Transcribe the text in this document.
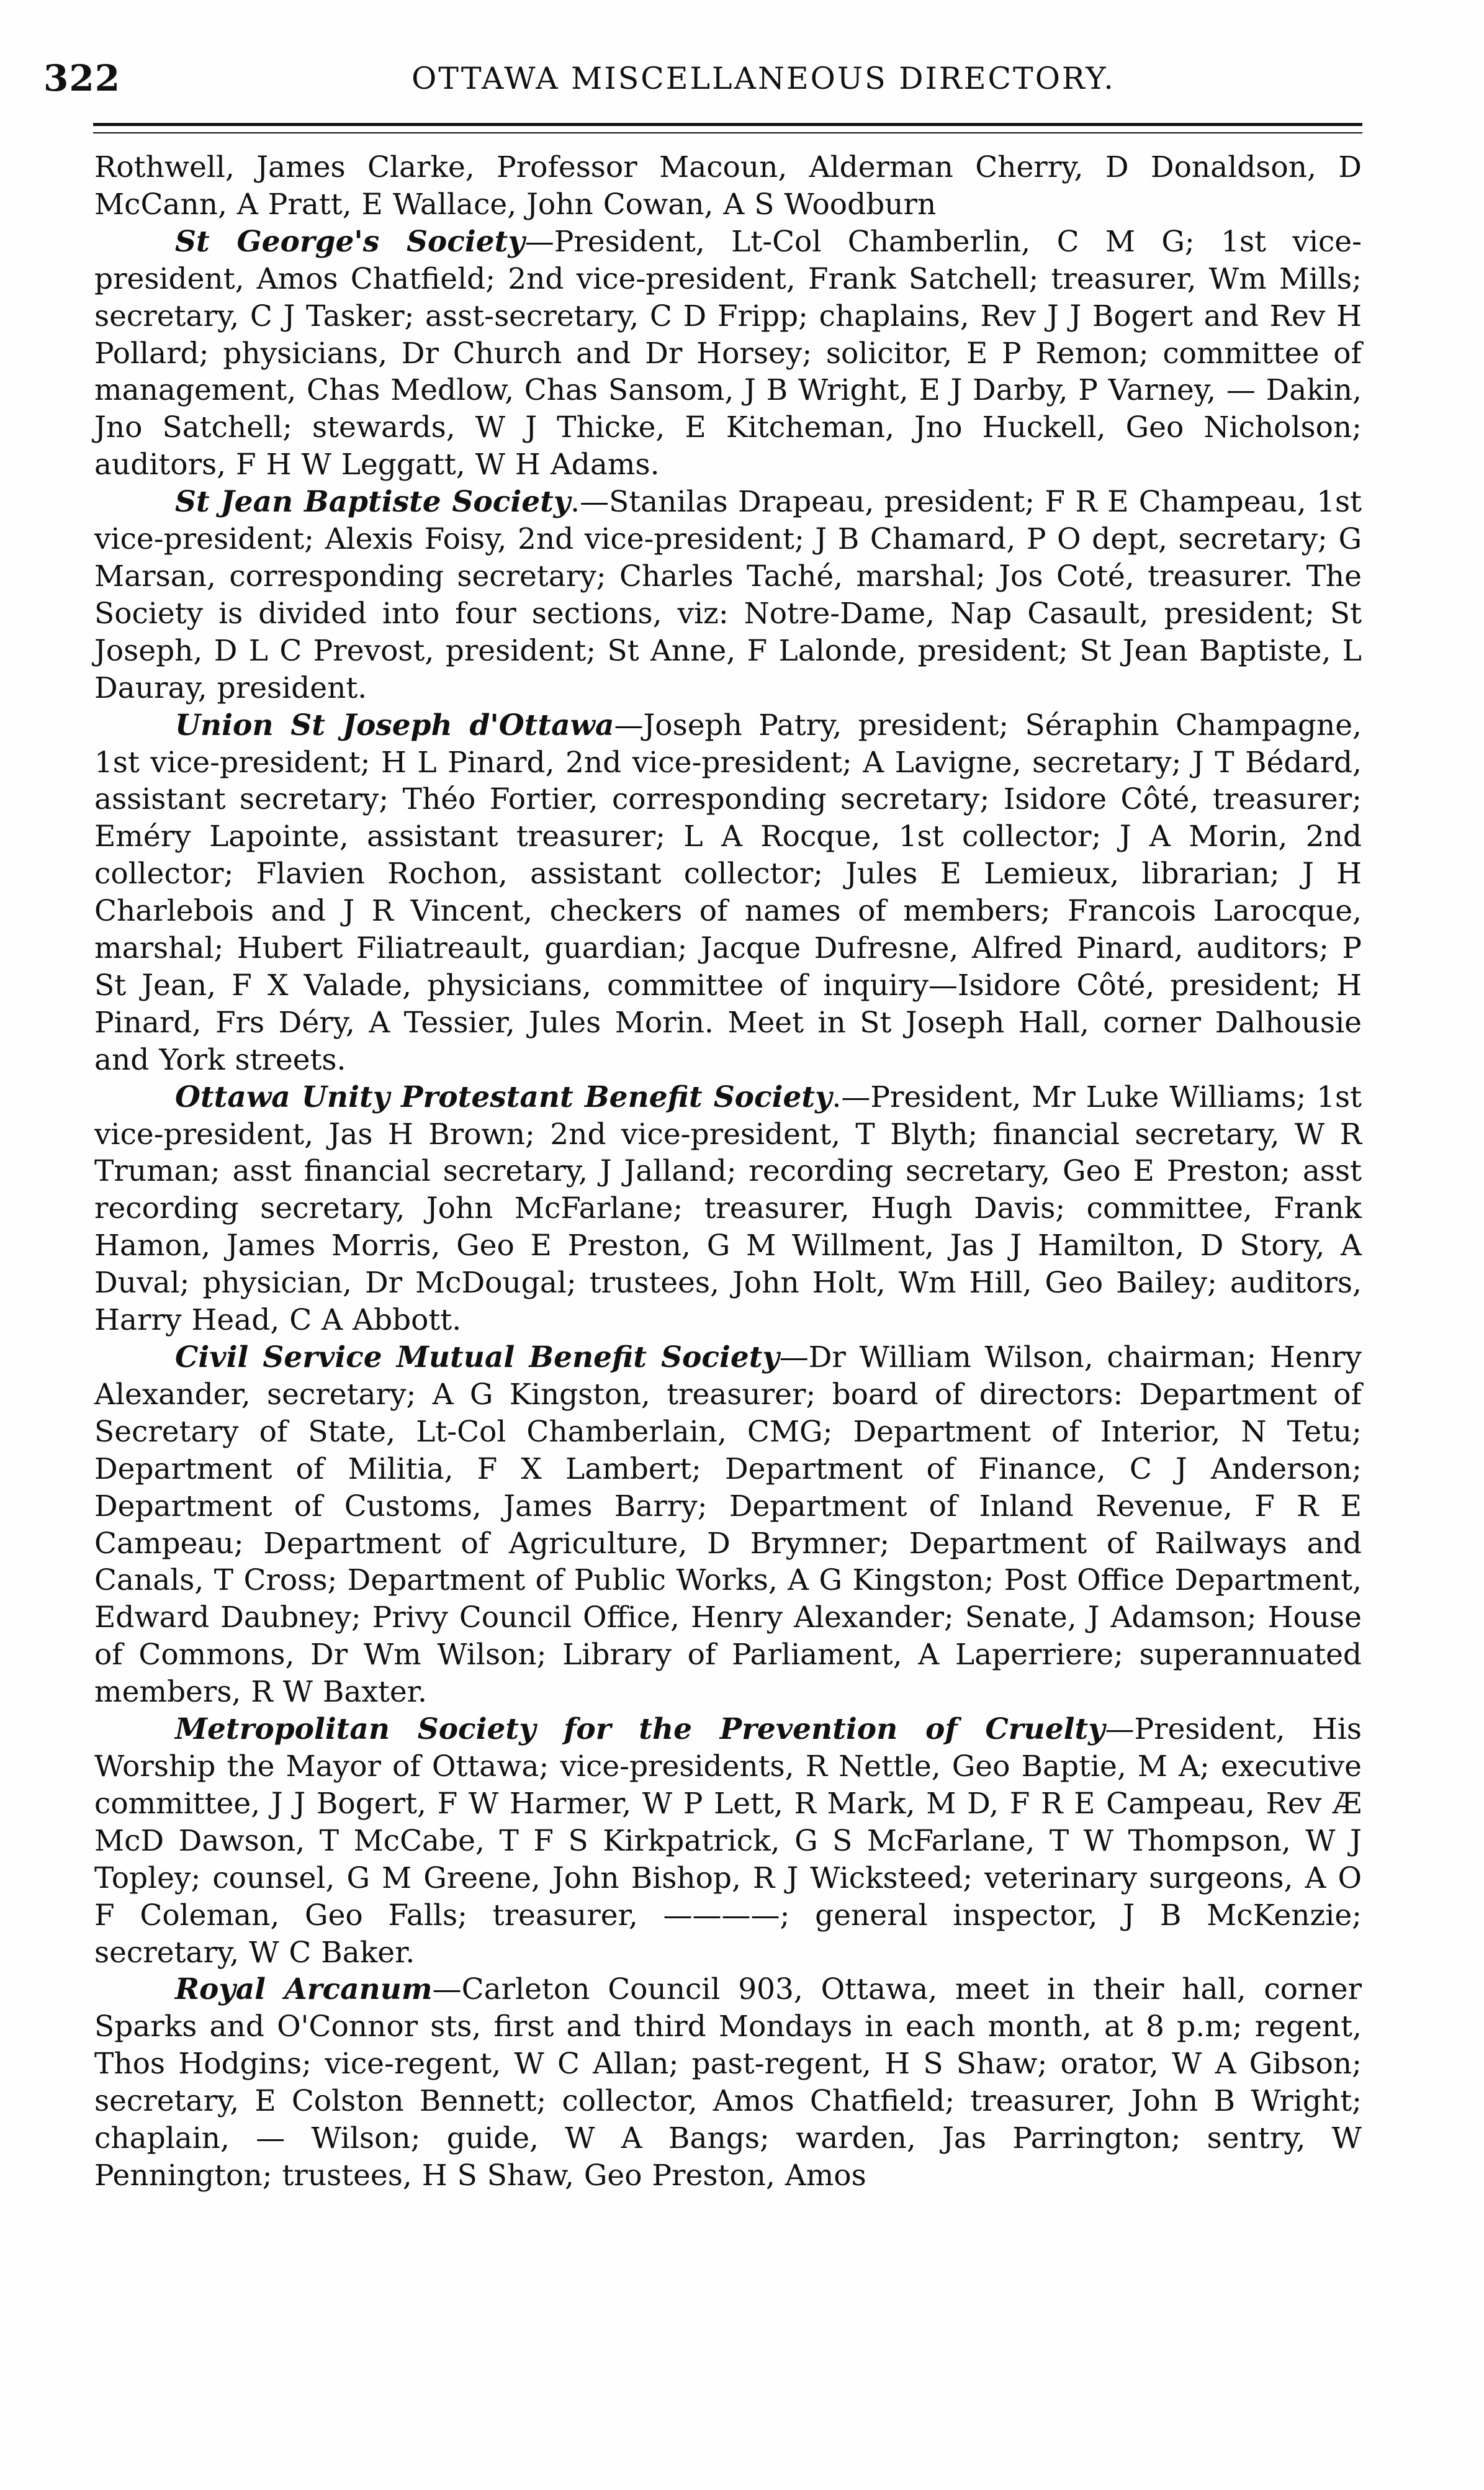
322	OTTAWA MISCELLANEOUS DIRECTORY.

Rothwell, James Clarke, Professor Macoun, Alderman Cherry, D Donaldson, D McCann, A Pratt, E Wallace, John Cowan, A S Woodburn

St George's Society—President, Lt-Col Chamberlin, C M G; 1st vice-president, Amos Chatfield; 2nd vice-president, Frank Satchell; treasurer, Wm Mills; secretary, C J Tasker; asst-secretary, C D Fripp; chaplains, Rev J J Bogert and Rev H Pollard; physicians, Dr Church and Dr Horsey; solicitor, E P Remon; committee of management, Chas Medlow, Chas Sansom, J B Wright, E J Darby, P Varney, — Dakin, Jno Satchell; stewards, W J Thicke, E Kitcheman, Jno Huckell, Geo Nicholson; auditors, F H W Leggatt, W H Adams.

St Jean Baptiste Society.—Stanilas Drapeau, president; F R E Champeau, 1st vice-president; Alexis Foisy, 2nd vice-president; J B Chamard, P O dept, secretary; G Marsan, corresponding secretary; Charles Taché, marshal; Jos Coté, treasurer. The Society is divided into four sections, viz: Notre-Dame, Nap Casault, president; St Joseph, D L C Prevost, president; St Anne, F Lalonde, president; St Jean Baptiste, L Dauray, president.

Union St Joseph d'Ottawa—Joseph Patry, president; Séraphin Champagne, 1st vice-president; H L Pinard, 2nd vice-president; A Lavigne, secretary; J T Bédard, assistant secretary; Théo Fortier, corresponding secretary; Isidore Côté, treasurer; Eméry Lapointe, assistant treasurer; L A Rocque, 1st collector; J A Morin, 2nd collector; Flavien Rochon, assistant collector; Jules E Lemieux, librarian; J H Charlebois and J R Vincent, checkers of names of members; Francois Larocque, marshal; Hubert Filiatreault, guardian; Jacque Dufresne, Alfred Pinard, auditors; P St Jean, F X Valade, physicians, committee of inquiry—Isidore Côté, president; H Pinard, Frs Déry, A Tessier, Jules Morin. Meet in St Joseph Hall, corner Dalhousie and York streets.

Ottawa Unity Protestant Benefit Society.—President, Mr Luke Williams; 1st vice-president, Jas H Brown; 2nd vice-president, T Blyth; financial secretary, W R Truman; asst financial secretary, J Jalland; recording secretary, Geo E Preston; asst recording secretary, John McFarlane; treasurer, Hugh Davis; committee, Frank Hamon, James Morris, Geo E Preston, G M Willment, Jas J Hamilton, D Story, A Duval; physician, Dr McDougal; trustees, John Holt, Wm Hill, Geo Bailey; auditors, Harry Head, C A Abbott.

Civil Service Mutual Benefit Society—Dr William Wilson, chairman; Henry Alexander, secretary; A G Kingston, treasurer; board of directors: Department of Secretary of State, Lt-Col Chamberlain, CMG; Department of Interior, N Tetu; Department of Militia, F X Lambert; Department of Finance, C J Anderson; Department of Customs, James Barry; Department of Inland Revenue, F R E Campeau; Department of Agriculture, D Brymner; Department of Railways and Canals, T Cross; Department of Public Works, A G Kingston; Post Office Department, Edward Daubney; Privy Council Office, Henry Alexander; Senate, J Adamson; House of Commons, Dr Wm Wilson; Library of Parliament, A Laperriere; superannuated members, R W Baxter.

Metropolitan Society for the Prevention of Cruelty—President, His Worship the Mayor of Ottawa; vice-presidents, R Nettle, Geo Baptie, M A; executive committee, J J Bogert, F W Harmer, W P Lett, R Mark, M D, F R E Campeau, Rev Æ McD Dawson, T McCabe, T F S Kirkpatrick, G S McFarlane, T W Thompson, W J Topley; counsel, G M Greene, John Bishop, R J Wicksteed; veterinary surgeons, A O F Coleman, Geo Falls; treasurer, ————; general inspector, J B McKenzie; secretary, W C Baker.

Royal Arcanum—Carleton Council 903, Ottawa, meet in their hall, corner Sparks and O'Connor sts, first and third Mondays in each month, at 8 p.m; regent, Thos Hodgins; vice-regent, W C Allan; past-regent, H S Shaw; orator, W A Gibson; secretary, E Colston Bennett; collector, Amos Chatfield; treasurer, John B Wright; chaplain, — Wilson; guide, W A Bangs; warden, Jas Parrington; sentry, W Pennington; trustees, H S Shaw, Geo Preston, Amos
